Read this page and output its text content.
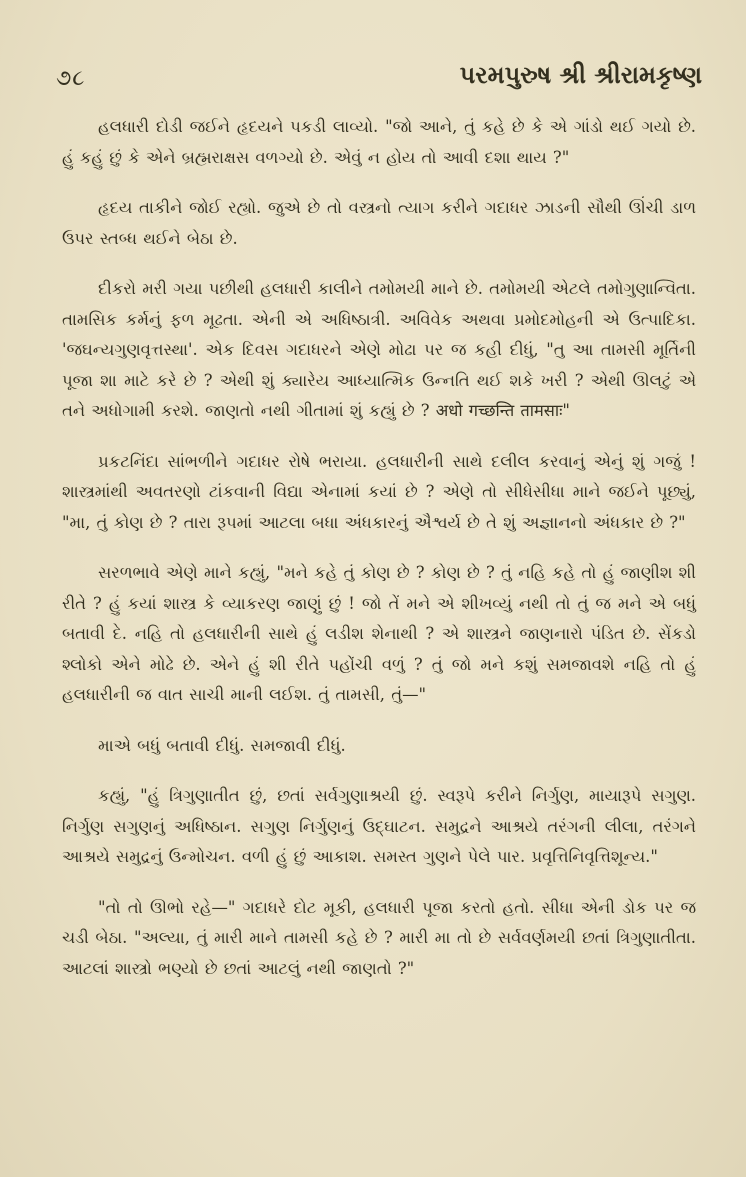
૭૮	પરમપુરુષ શ્રી શ્રીરામકૃષ્ણ

હલધારી દોડી જઈને હૃદયને પકડી લાવ્યો. "જો આને, તું કહે છે કે એ ગાંડો થઈ ગયો છે. હું કહું છું કે એને બ્રહ્મરાક્ષસ વળગ્યો છે. એવું ન હોય તો આવી દશા થાય ?"

હૃદય તાકીને જોઈ રહ્યો. જુએ છે તો વસ્ત્રનો ત્યાગ કરીને ગદાધર ઝાડની સૌથી ઊંચી ડાળ ઉપર સ્તબ્ધ થઈને બેઠા છે.

દીકરો મરી ગયા પછીથી હલધારી કાલીને તમોમયી માને છે. તમોમયી એટલે તમોગુણાન્વિતા. તામસિક કર્મનું ફળ મૂઢતા. એની એ અધિષ્ઠાત્રી. અવિવેક અથવા પ્રમોદમોહની એ ઉત્પાદિકા. 'જઘન્યગુણવૃત્તસ્થા'. એક દિવસ ગદાધરને એણે મોઢા પર જ કહી દીધું, "તુ આ તામસી મૂર્તિની પૂજા શા માટે કરે છે ? એથી શું ક્યારેય આધ્યાત્મિક ઉન્નતિ થઈ શકે ખરી ? એથી ઊલટું એ તને અધોગામી કરશે. જાણતો નથી ગીતામાં શું કહ્યું છે ? अधो गच्छन्ति तामसाः"

પ્રકટનિંદા સાંભળીને ગદાધર રોષે ભરાયા. હલધારીની સાથે દલીલ કરવાનું એનું શું ગજું ! શાસ્ત્રમાંથી અવતરણો ટાંકવાની વિદ્યા એનામાં કયાં છે ? એણે તો સીધેસીધા માને જઈને પૂછ્યું, "મા, તું કોણ છે ? તારા રૂપમાં આટલા બધા અંધકારનું ઐશ્વર્ય છે તે શું અજ્ઞાનનો અંધકાર છે ?"

સરળભાવે એણે માને કહ્યું, "મને કહે તું કોણ છે ? કોણ છે ? તું નહિ કહે તો હું જાણીશ શી રીતે ? હું કયાં શાસ્ત્ર કે વ્યાકરણ જાણું છું ! જો તેં મને એ શીખવ્યું નથી તો તું જ મને એ બધું બતાવી દે. નહિ તો હલધારીની સાથે હું લડીશ શેનાથી ? એ શાસ્ત્રને જાણનારો પંડિત છે. સેંકડો શ્લોકો એને મોઢે છે. એને હું શી રીતે પહોંચી વળું ? તું જો મને કશું સમજાવશે નહિ તો હું હલધારીની જ વાત સાચી માની લઈશ. તું તામસી, તું—"

માએ બધું બતાવી દીધું. સમજાવી દીધું.

કહ્યું, "હું ત્રિગુણાતીત છું, છતાં સર્વગુણાશ્રયી છું. સ્વરૂપે કરીને નિર્ગુણ, માયારૂપે સગુણ. નિર્ગુણ સગુણનું અધિષ્ઠાન. સગુણ નિર્ગુણનું ઉદ્ઘાટન. સમુદ્રને આશ્રયે તરંગની લીલા, તરંગને આશ્રયે સમુદ્રનું ઉન્મોચન. વળી હું છું આકાશ. સમસ્ત ગુણને પેલે પાર. પ્રવૃત્તિનિવૃત્તિશૂન્ય."

"તો તો ઊભો રહે—" ગદાધરે દોટ મૂકી, હલધારી પૂજા કરતો હતો. સીધા એની ડોક પર જ ચડી બેઠા. "અલ્યા, તું મારી માને તામસી કહે છે ? મારી મા તો છે સર્વવર્ણમયી છતાં ત્રિગુણાતીતા. આટલાં શાસ્ત્રો ભણ્યો છે છતાં આટલું નથી જાણતો ?"
